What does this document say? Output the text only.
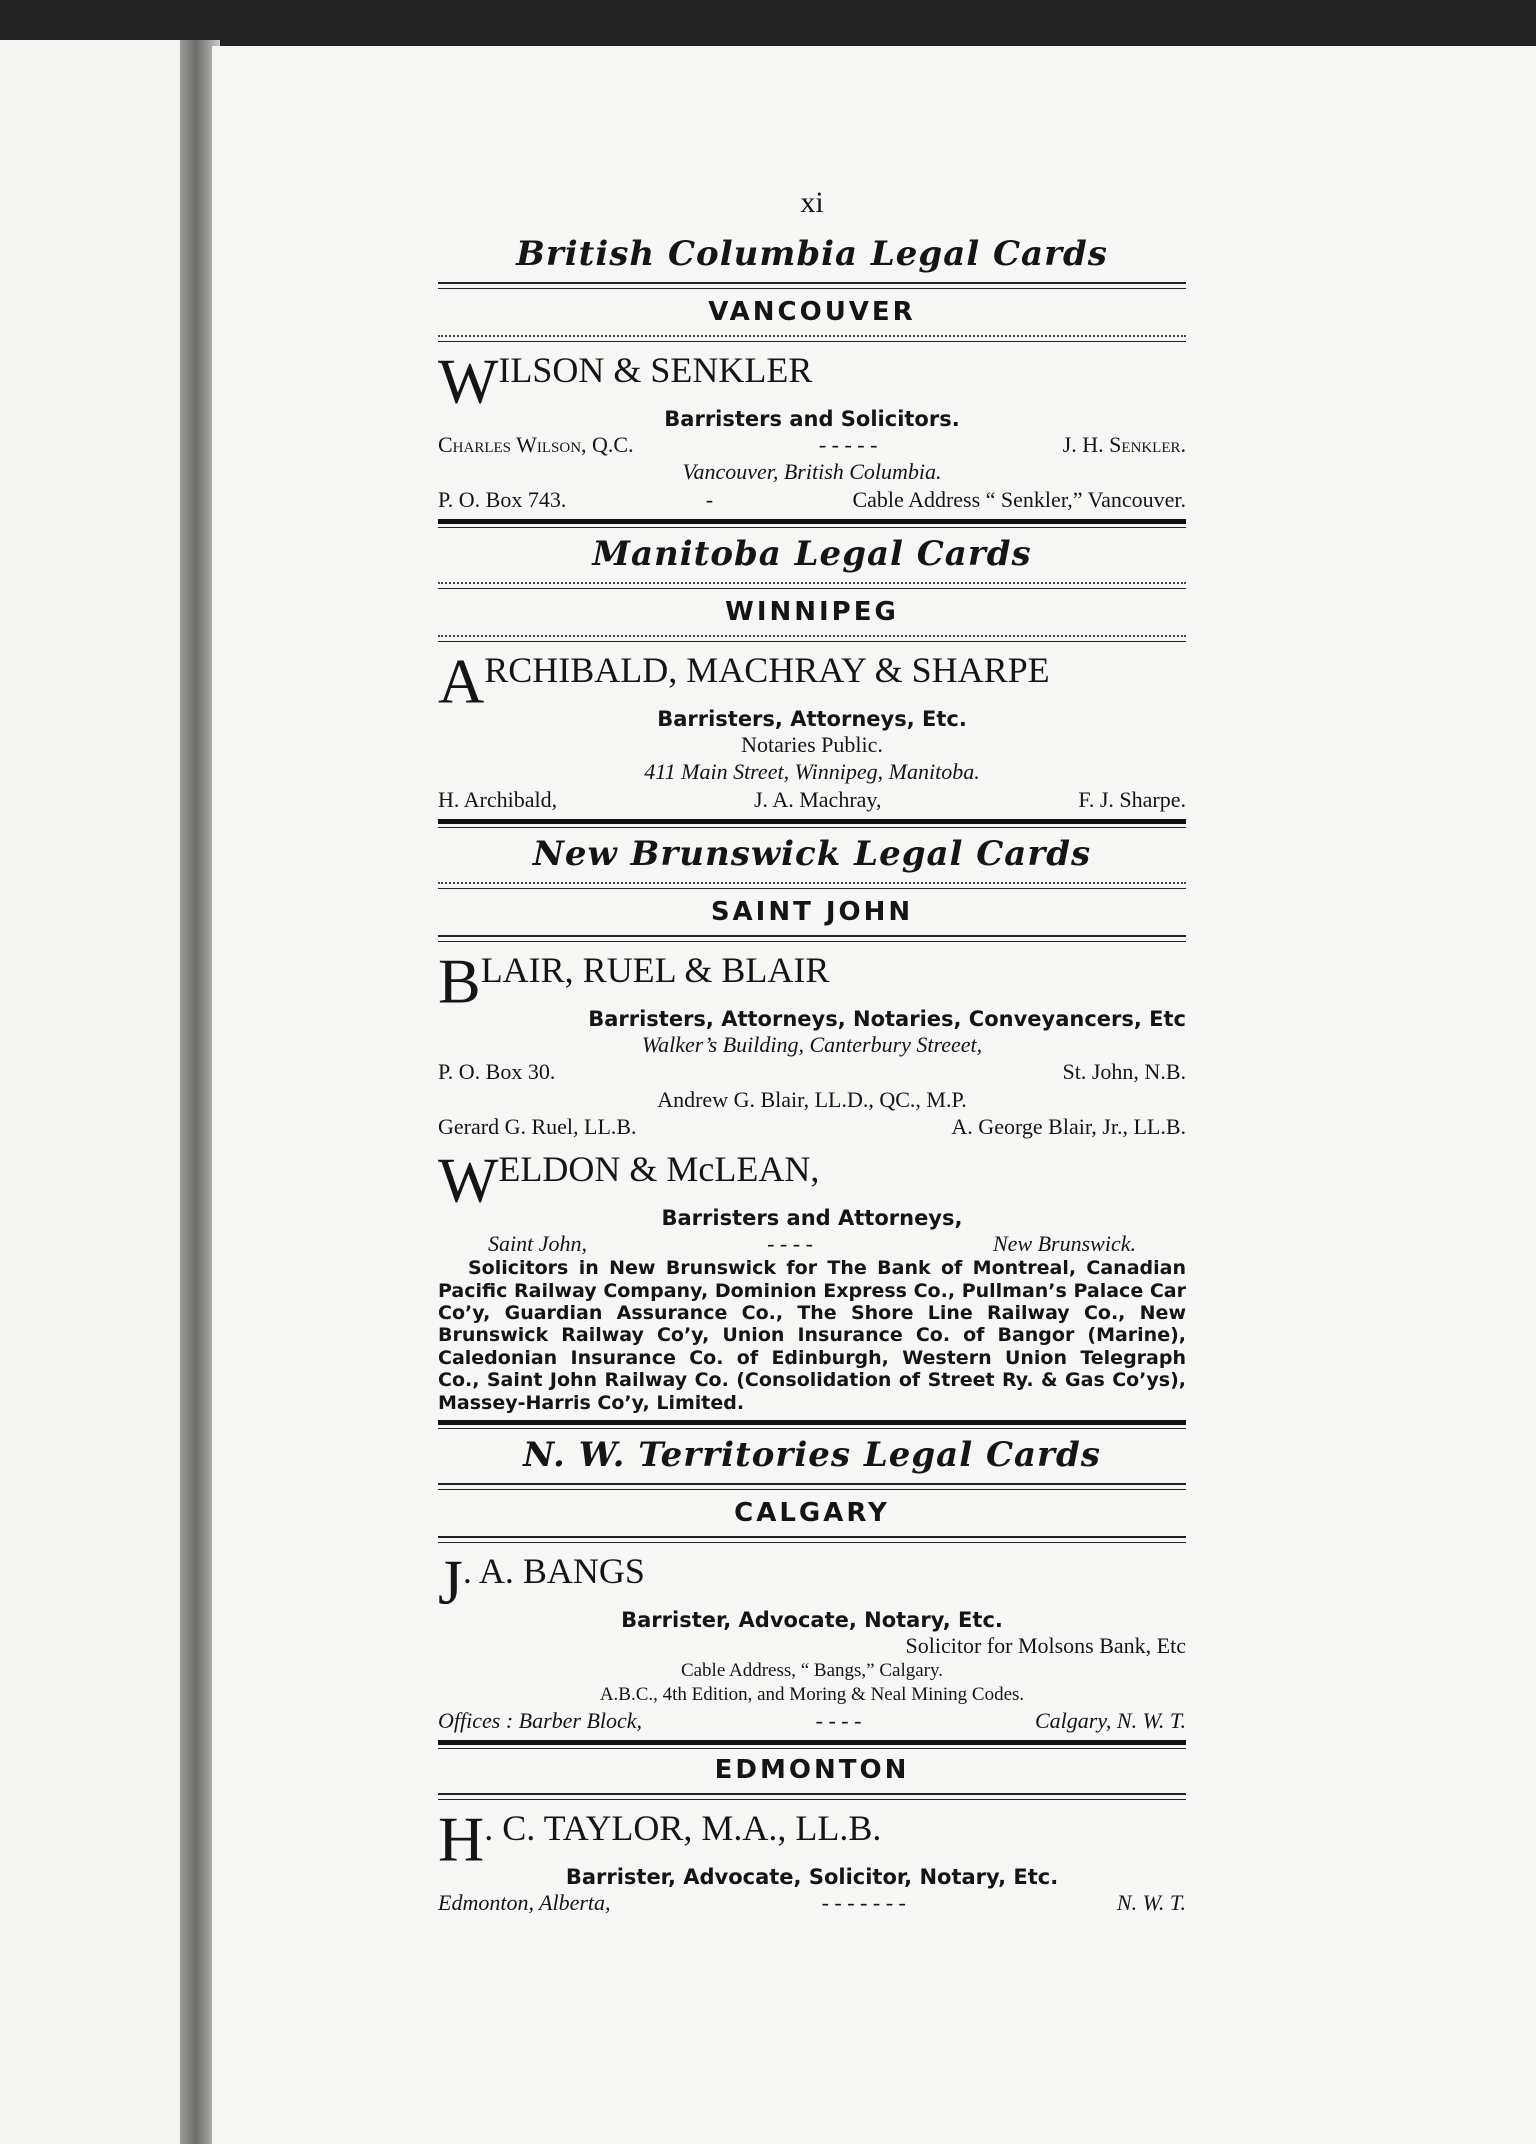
xi
British Columbia Legal Cards
VANCOUVER
WILSON & SENKLER
Barristers and Solicitors.
Charles Wilson, Q.C.	- - - - -	J. H. Senkler.
Vancouver, British Columbia.
P. O. Box 743.	-	Cable Address “ Senkler,” Vancouver.
Manitoba Legal Cards
WINNIPEG
ARCHIBALD, MACHRAY & SHARPE
Barristers, Attorneys, Etc.
Notaries Public.
411 Main Street, Winnipeg, Manitoba.
H. Archibald,	J. A. Machray,	F. J. Sharpe.
New Brunswick Legal Cards
SAINT JOHN
BLAIR, RUEL & BLAIR
Barristers, Attorneys, Notaries, Conveyancers, Etc
Walker’s Building, Canterbury Streeet,
P. O. Box 30.	St. John, N.B.
Andrew G. Blair, LL.D., QC., M.P.
Gerard G. Ruel, LL.B.	A. George Blair, Jr., LL.B.
WELDON & McLEAN,
Barristers and Attorneys,
Saint John,	- - - -	New Brunswick.
Solicitors in New Brunswick for The Bank of Montreal, Canadian Pacific Railway Company, Dominion Express Co., Pullman’s Palace Car Co’y, Guardian Assurance Co., The Shore Line Railway Co., New Brunswick Railway Co’y, Union Insurance Co. of Bangor (Marine), Caledonian Insurance Co. of Edinburgh, Western Union Telegraph Co., Saint John Railway Co. (Consolidation of Street Ry. & Gas Co’ys), Massey-Harris Co’y, Limited.
N. W. Territories Legal Cards
CALGARY
J. A. BANGS
Barrister, Advocate, Notary, Etc.
Solicitor for Molsons Bank, Etc
Cable Address, “ Bangs,” Calgary.
A.B.C., 4th Edition, and Moring & Neal Mining Codes.
Offices : Barber Block,	- - - -	Calgary, N. W. T.
EDMONTON
H. C. TAYLOR, M.A., LL.B.
Barrister, Advocate, Solicitor, Notary, Etc.
Edmonton, Alberta,	- - - - - - -	N. W. T.
